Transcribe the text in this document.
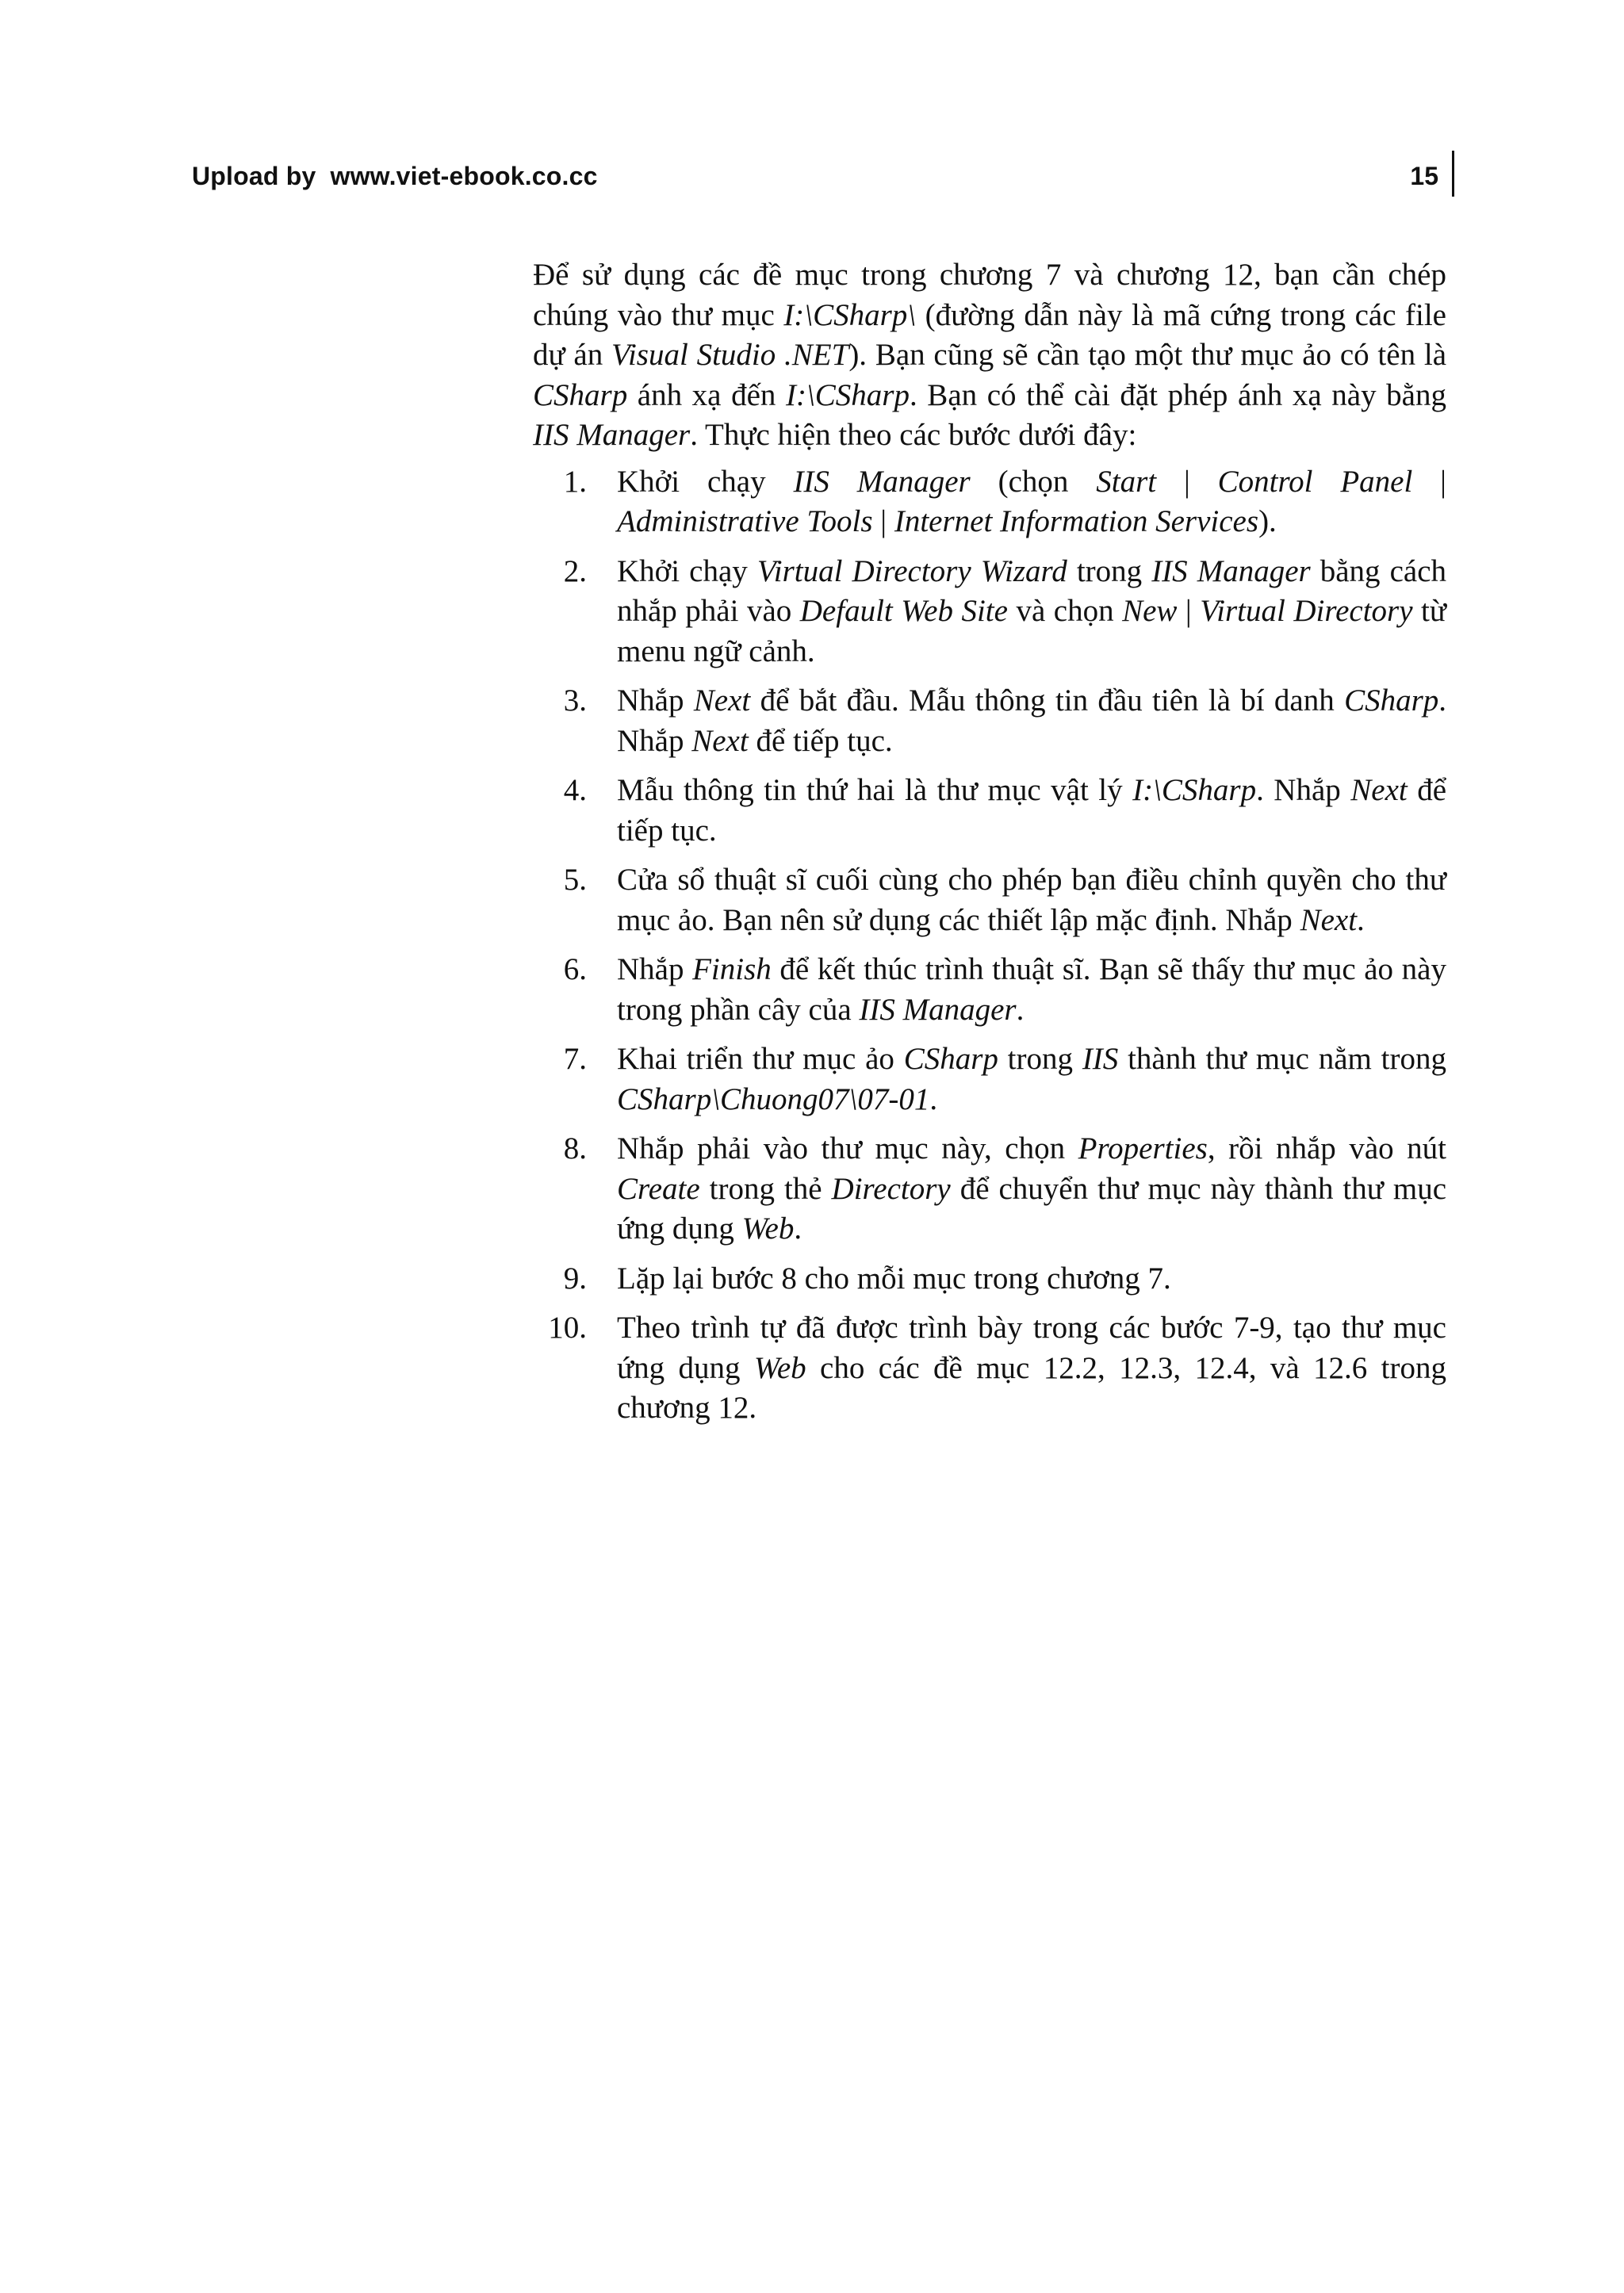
Upload by www.viet-ebook.co.cc	15

Để sử dụng các đề mục trong chương 7 và chương 12, bạn cần chép chúng vào thư mục I:\CSharp\ (đường dẫn này là mã cứng trong các file dự án Visual Studio .NET). Bạn cũng sẽ cần tạo một thư mục ảo có tên là CSharp ánh xạ đến I:\CSharp. Bạn có thể cài đặt phép ánh xạ này bằng IIS Manager. Thực hiện theo các bước dưới đây:

1. Khởi chạy IIS Manager (chọn Start | Control Panel | Administrative Tools | Internet Information Services).
2. Khởi chạy Virtual Directory Wizard trong IIS Manager bằng cách nhắp phải vào Default Web Site và chọn New | Virtual Directory từ menu ngữ cảnh.
3. Nhắp Next để bắt đầu. Mẫu thông tin đầu tiên là bí danh CSharp. Nhắp Next để tiếp tục.
4. Mẫu thông tin thứ hai là thư mục vật lý I:\CSharp. Nhắp Next để tiếp tục.
5. Cửa sổ thuật sĩ cuối cùng cho phép bạn điều chỉnh quyền cho thư mục ảo. Bạn nên sử dụng các thiết lập mặc định. Nhắp Next.
6. Nhắp Finish để kết thúc trình thuật sĩ. Bạn sẽ thấy thư mục ảo này trong phần cây của IIS Manager.
7. Khai triển thư mục ảo CSharp trong IIS thành thư mục nằm trong CSharp\Chuong07\07-01.
8. Nhắp phải vào thư mục này, chọn Properties, rồi nhắp vào nút Create trong thẻ Directory để chuyển thư mục này thành thư mục ứng dụng Web.
9. Lặp lại bước 8 cho mỗi mục trong chương 7.
10. Theo trình tự đã được trình bày trong các bước 7-9, tạo thư mục ứng dụng Web cho các đề mục 12.2, 12.3, 12.4, và 12.6 trong chương 12.
